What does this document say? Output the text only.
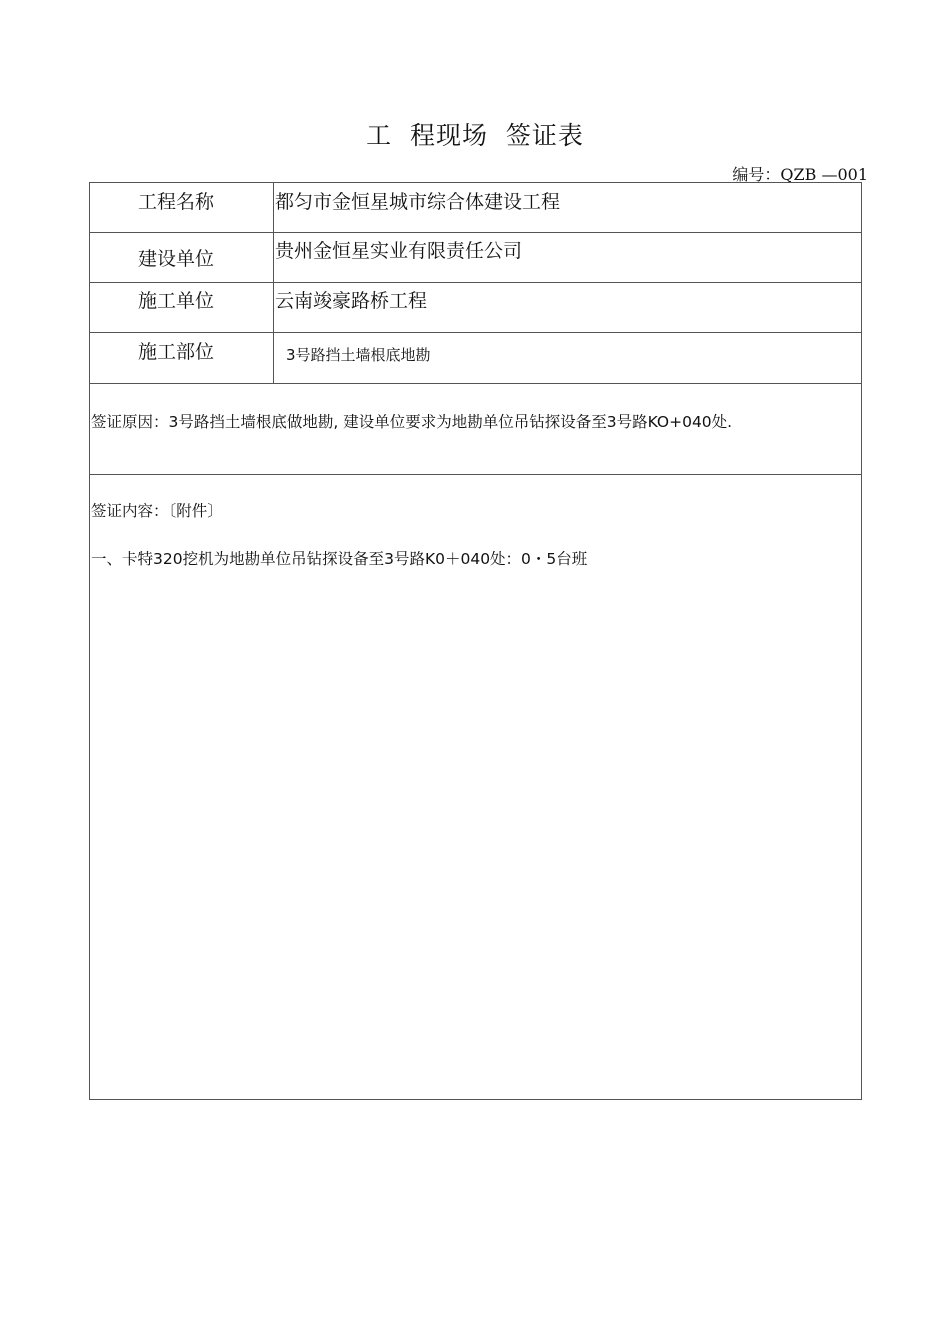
工  程现场  签证表
编号：QZB —001
工程名称	都匀市金恒星城市综合体建设工程
建设单位	贵州金恒星实业有限责任公司
施工单位	云南竣豪路桥工程
施工部位	3号路挡土墙根底地勘
签证原因：3号路挡土墙根底做地勘, 建设单位要求为地勘单位吊钻探设备至3号路KO+040处.
签证内容：〔附件〕
一、卡特320挖机为地勘单位吊钻探设备至3号路K0＋040处：0・5台班
